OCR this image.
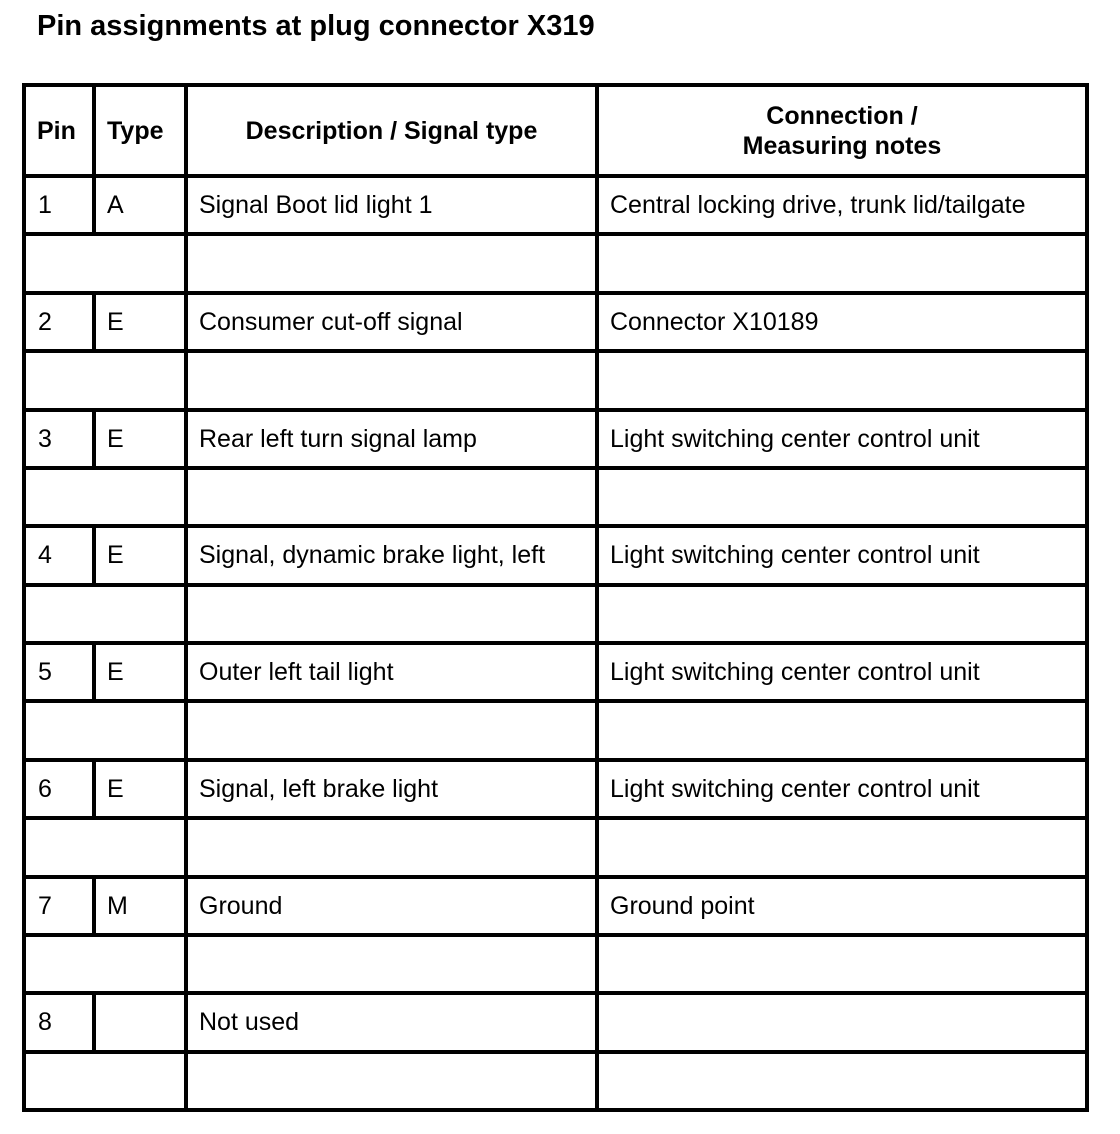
Pin assignments at plug connector X319
Pin	Type	Description / Signal type	Connection /
Measuring notes
1	A	Signal Boot lid light 1	Central locking drive, trunk lid/tailgate

2	E	Consumer cut-off signal	Connector X10189

3	E	Rear left turn signal lamp	Light switching center control unit

4	E	Signal, dynamic brake light, left	Light switching center control unit

5	E	Outer left tail light	Light switching center control unit

6	E	Signal, left brake light	Light switching center control unit

7	M	Ground	Ground point

8		Not used	
